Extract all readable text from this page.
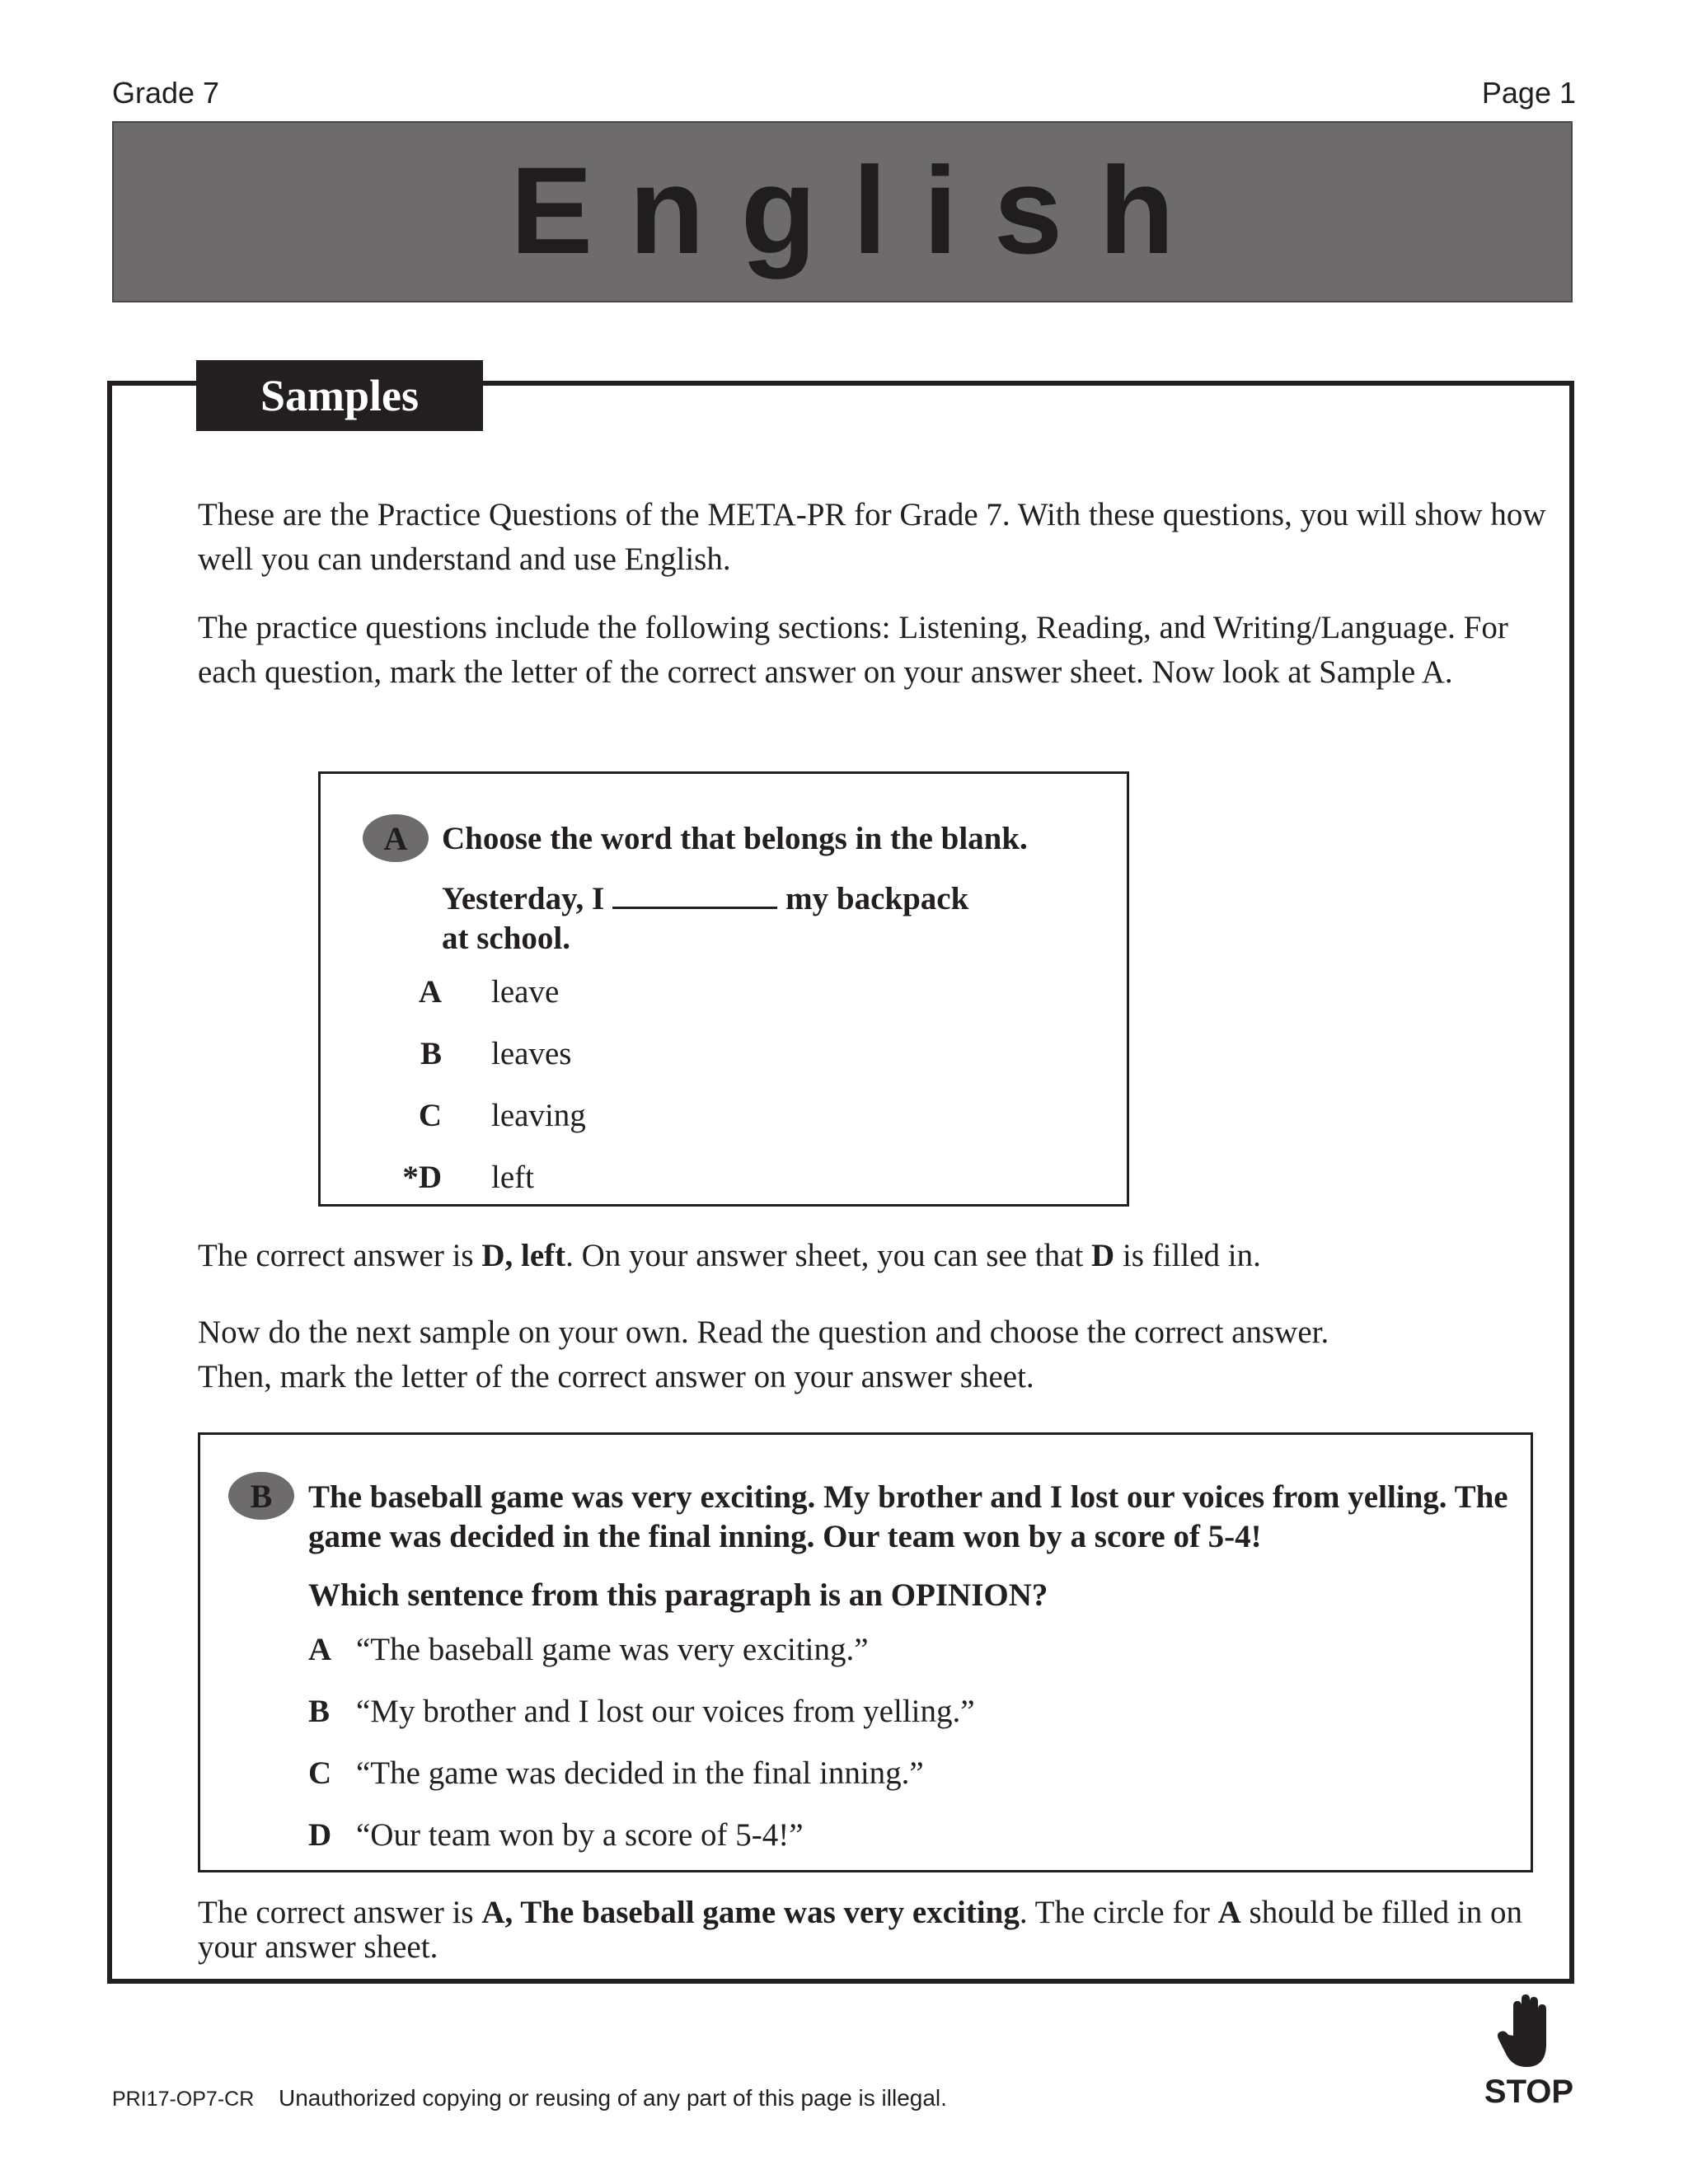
Grade 7	Page 1
English
Samples
These are the Practice Questions of the META-PR for Grade 7. With these questions, you will show how well you can understand and use English.
The practice questions include the following sections: Listening, Reading, and Writing/Language. For each question, mark the letter of the correct answer on your answer sheet. Now look at Sample A.
A	Choose the word that belongs in the blank.
Yesterday, I	my backpack
at school.
A leave
B leaves
C leaving
*D left
The correct answer is D, left. On your answer sheet, you can see that D is filled in.
Now do the next sample on your own. Read the question and choose the correct answer. Then, mark the letter of the correct answer on your answer sheet.
B	The baseball game was very exciting. My brother and I lost our voices from yelling. The game was decided in the final inning. Our team won by a score of 5-4!
Which sentence from this paragraph is an OPINION?
A “The baseball game was very exciting.”
B “My brother and I lost our voices from yelling.”
C “The game was decided in the final inning.”
D “Our team won by a score of 5-4!”
The correct answer is A, The baseball game was very exciting. The circle for A should be filled in on your answer sheet.
STOP
PRI17-OP7-CR Unauthorized copying or reusing of any part of this page is illegal.
